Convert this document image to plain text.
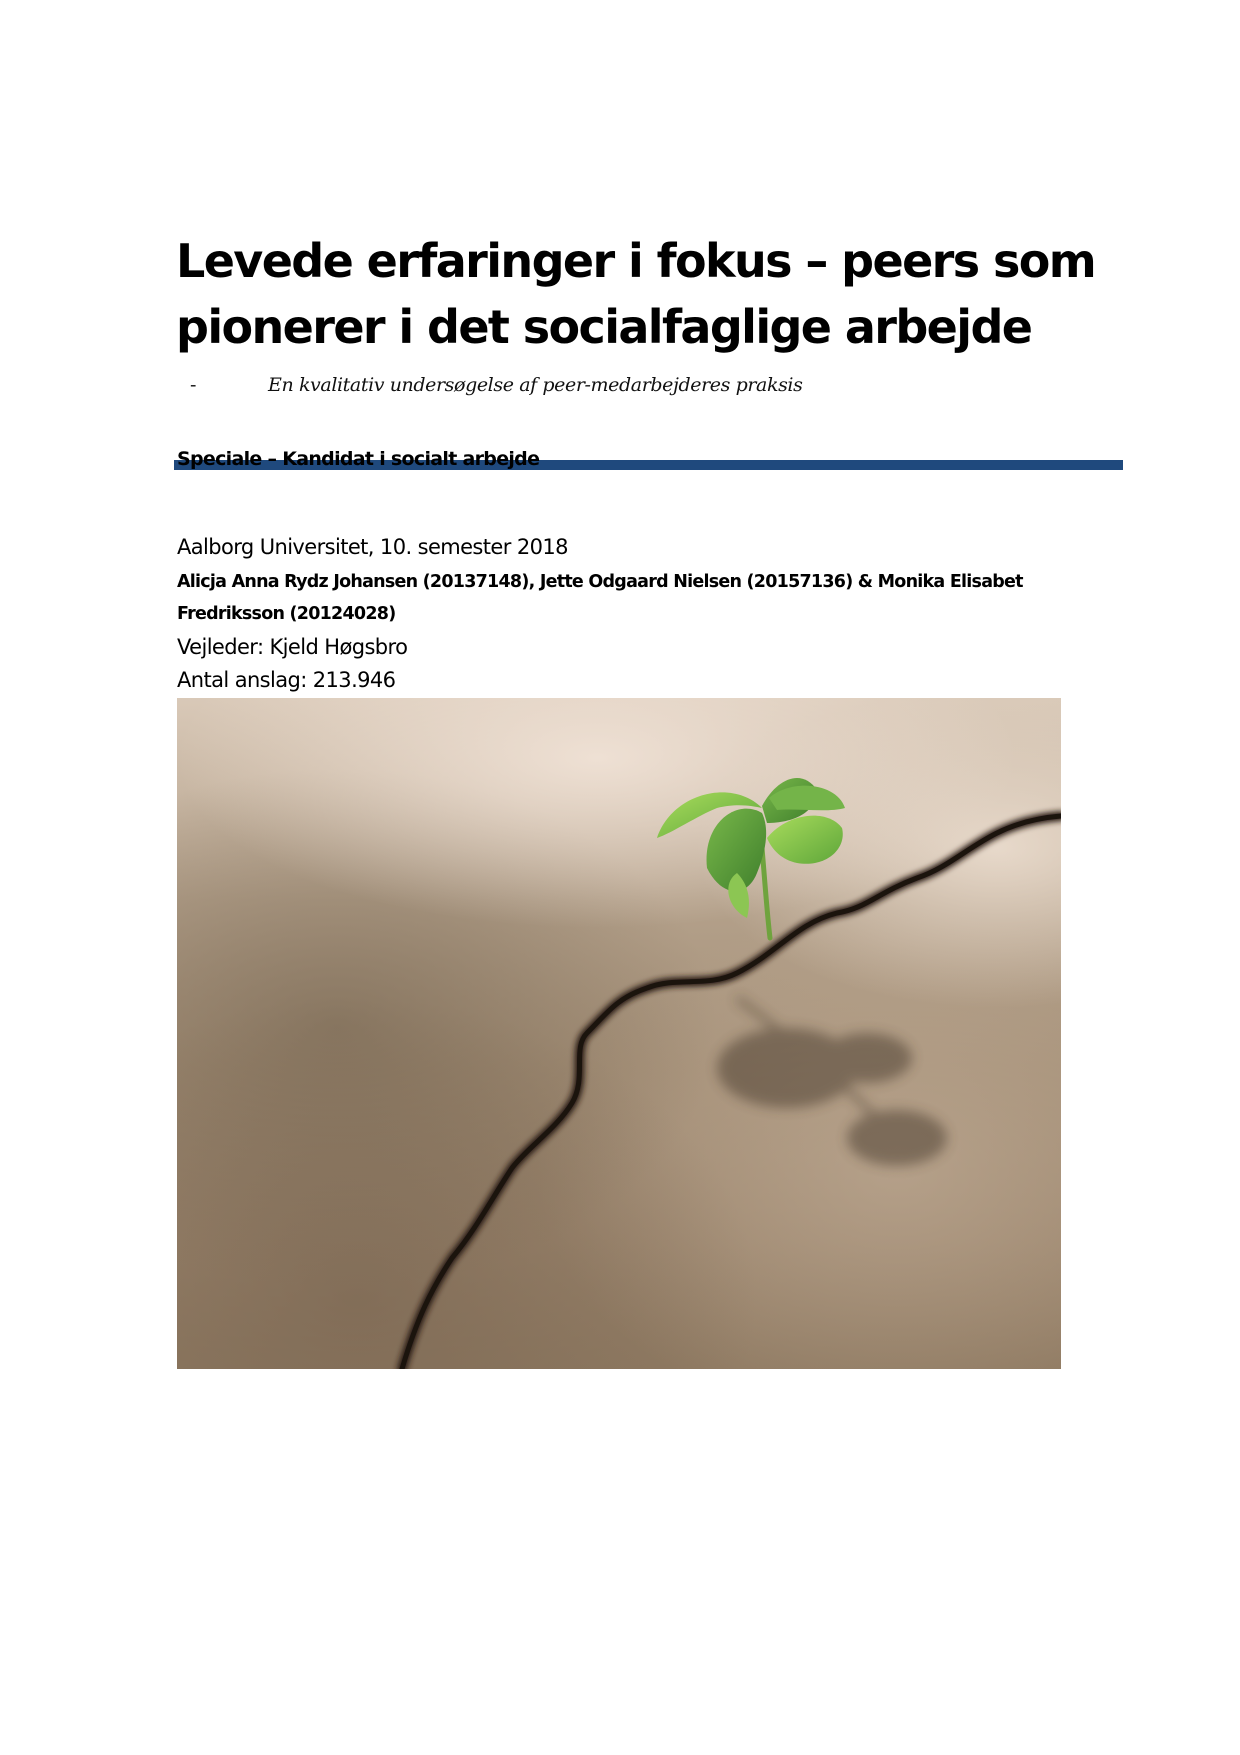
Levede erfaringer i fokus – peers som pionerer i det socialfaglige arbejde
-	En kvalitativ undersøgelse af peer-medarbejderes praksis

Speciale – Kandidat i socialt arbejde

Aalborg Universitet, 10. semester 2018

Alicja Anna Rydz Johansen (20137148), Jette Odgaard Nielsen (20157136) & Monika Elisabet Fredriksson (20124028)

Vejleder: Kjeld Høgsbro

Antal anslag: 213.946
